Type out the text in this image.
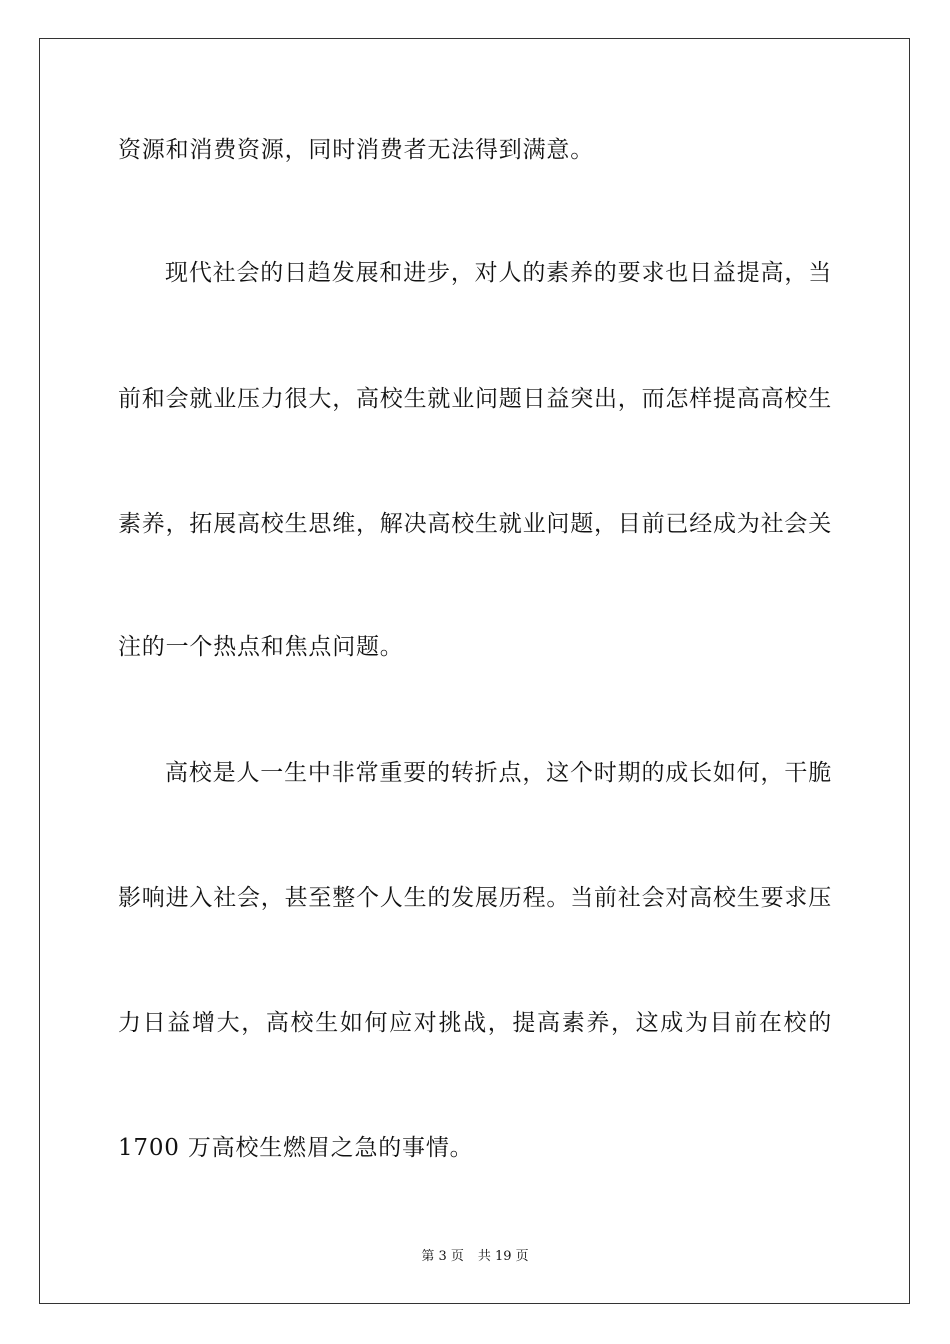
资源和消费资源，同时消费者无法得到满意。
现代社会的日趋发展和进步，对人的素养的要求也日益提高，当
前和会就业压力很大，高校生就业问题日益突出，而怎样提高高校生
素养，拓展高校生思维，解决高校生就业问题，目前已经成为社会关
注的一个热点和焦点问题。
高校是人一生中非常重要的转折点，这个时期的成长如何，干脆
影响进入社会，甚至整个人生的发展历程。当前社会对高校生要求压
力日益增大，高校生如何应对挑战，提高素养，这成为目前在校的
1700 万高校生燃眉之急的事情。
第 3 页 共 19 页
